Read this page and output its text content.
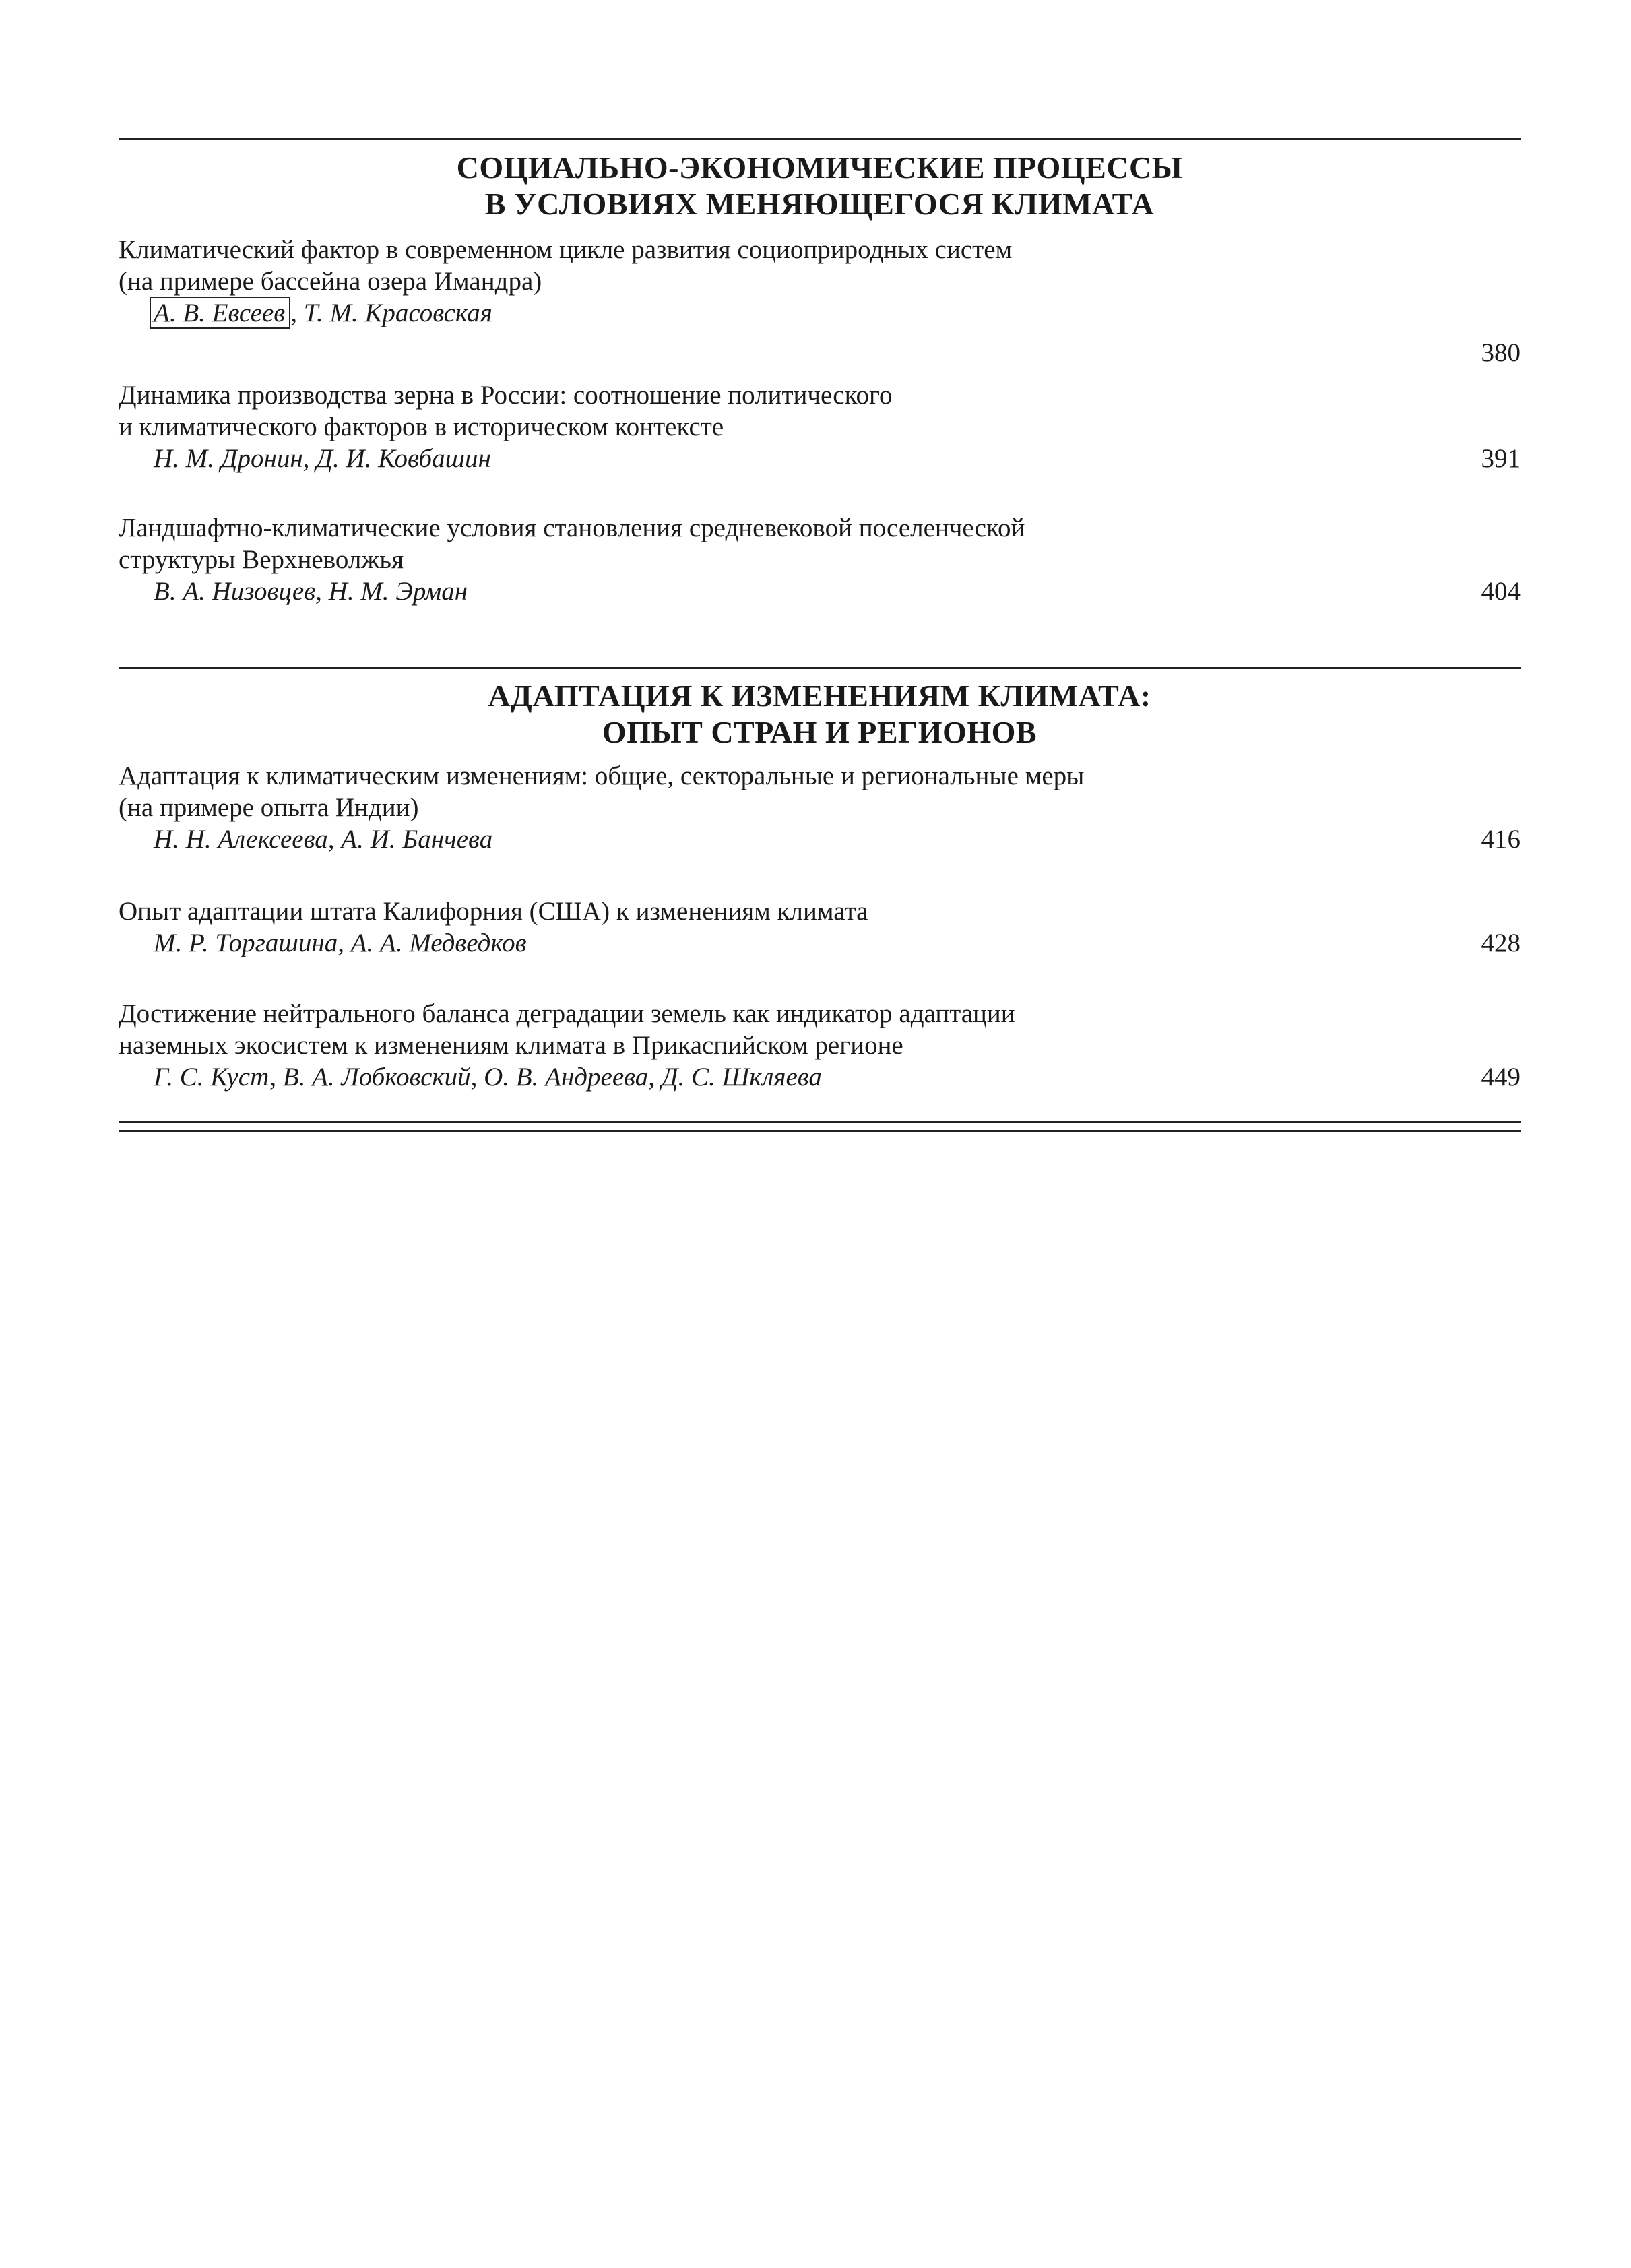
СОЦИАЛЬНО-ЭКОНОМИЧЕСКИЕ ПРОЦЕССЫ
В УСЛОВИЯХ МЕНЯЮЩЕГОСЯ КЛИМАТА
Климатический фактор в современном цикле развития социоприродных систем
(на примере бассейна озера Имандра)
А. В. Евсеев , Т. М. Красовская
380
Динамика производства зерна в России: соотношение политического
и климатического факторов в историческом контексте
Н. М. Дронин, Д. И. Ковбашин	391
Ландшафтно-климатические условия становления средневековой поселенческой
структуры Верхневолжья
В. А. Низовцев, Н. М. Эрман	404
АДАПТАЦИЯ К ИЗМЕНЕНИЯМ КЛИМАТА:
ОПЫТ СТРАН И РЕГИОНОВ
Адаптация к климатическим изменениям: общие, секторальные и региональные меры
(на примере опыта Индии)
Н. Н. Алексеева, А. И. Банчева	416
Опыт адаптации штата Калифорния (США) к изменениям климата
М. Р. Торгашина, А. А. Медведков	428
Достижение нейтрального баланса деградации земель как индикатор адаптации
наземных экосистем к изменениям климата в Прикаспийском регионе
Г. С. Куст, В. А. Лобковский, О. В. Андреева, Д. С. Шкляева	449
